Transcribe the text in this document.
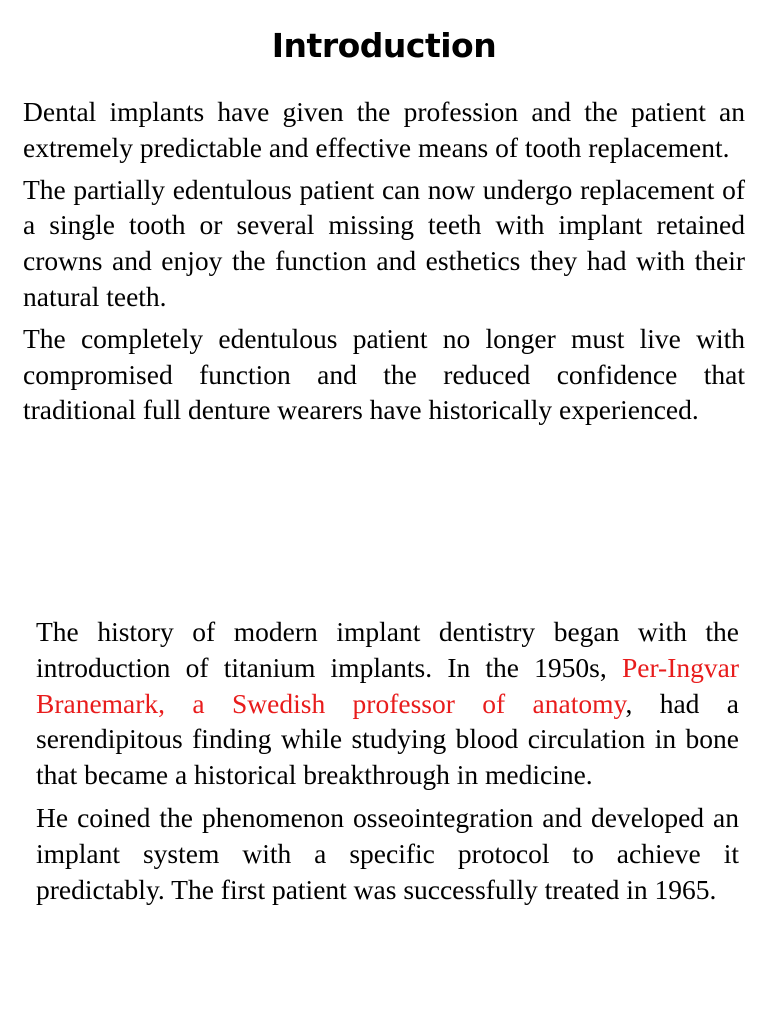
Introduction

Dental implants have given the profession and the patient an extremely predictable and effective means of tooth replacement.

The partially edentulous patient can now undergo replacement of a single tooth or several missing teeth with implant retained crowns and enjoy the function and esthetics they had with their natural teeth.

The completely edentulous patient no longer must live with compromised function and the reduced confidence that traditional full denture wearers have historically experienced.

The history of modern implant dentistry began with the introduction of titanium implants. In the 1950s, Per-Ingvar Branemark, a Swedish professor of anatomy, had a serendipitous finding while studying blood circulation in bone that became a historical breakthrough in medicine.

He coined the phenomenon osseointegration and developed an implant system with a specific protocol to achieve it predictably. The first patient was successfully treated in 1965.
